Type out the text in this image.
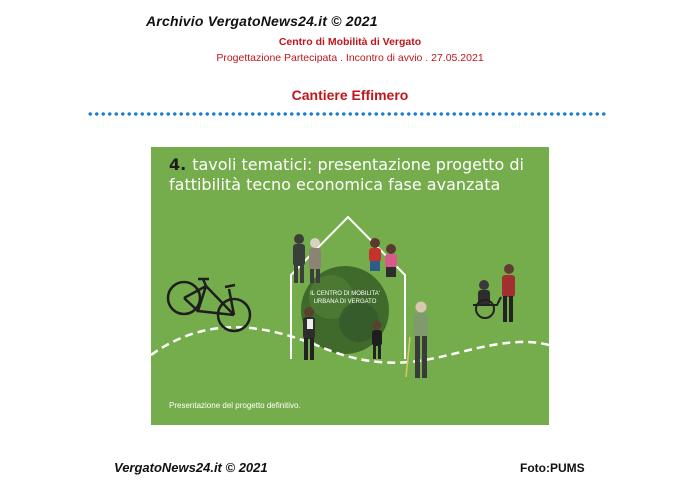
Archivio VergatoNews24.it © 2021
Centro di Mobilità di Vergato
Progettazione Partecipata . Incontro di avvio . 27.05.2021
Cantiere Effimero
4. tavoli tematici: presentazione progetto di fattibilità tecno economica fase avanzata
IL CENTRO DI MOBILITA' URBANA DI VERGATO
Presentazione del progetto definitivo.
VergatoNews24.it © 2021	Foto:PUMS
